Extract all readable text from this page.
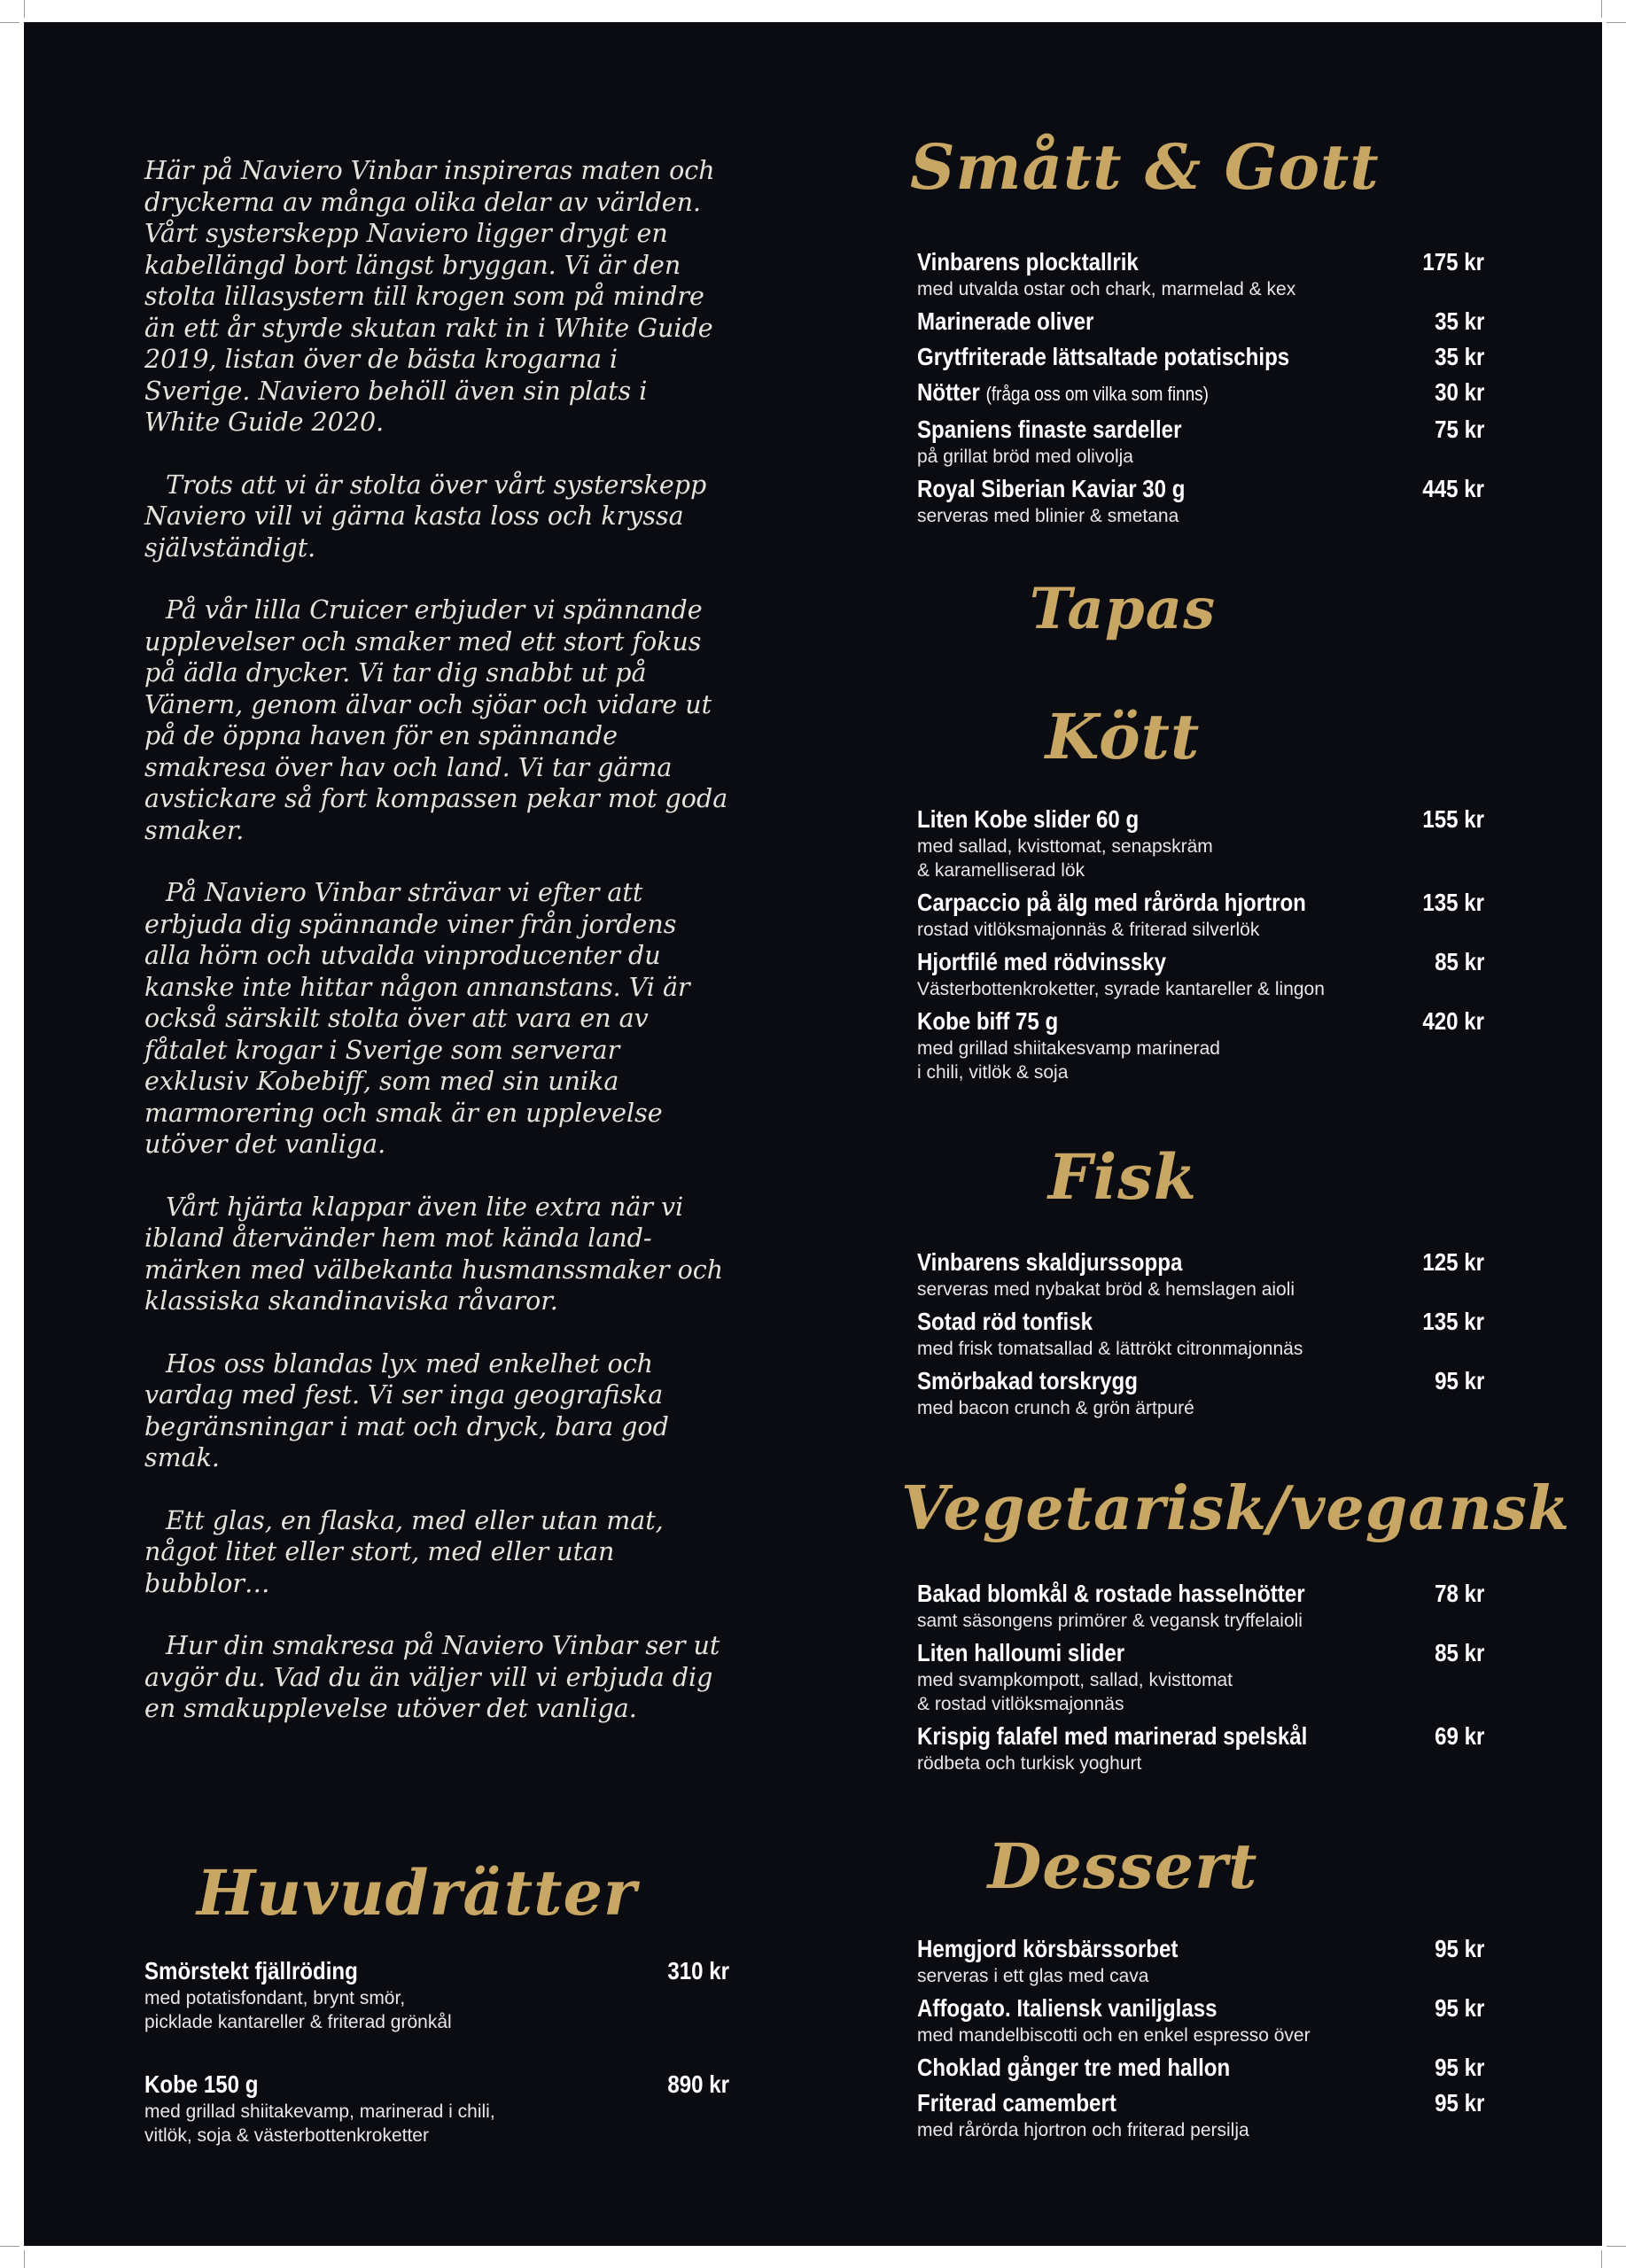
Här på Naviero Vinbar inspireras maten och dryckerna av många olika delar av världen. Vårt systerskepp Naviero ligger drygt en kabellängd bort längst bryggan. Vi är den stolta lillasystern till krogen som på mindre än ett år styrde skutan rakt in i White Guide 2019, listan över de bästa krogarna i Sverige. Naviero behöll även sin plats i White Guide 2020.

Trots att vi är stolta över vårt systerskepp Naviero vill vi gärna kasta loss och kryssa självständigt.

På vår lilla Cruicer erbjuder vi spännande upplevelser och smaker med ett stort fokus på ädla drycker. Vi tar dig snabbt ut på Vänern, genom älvar och sjöar och vidare ut på de öppna haven för en spännande smakresa över hav och land. Vi tar gärna avstickare så fort kompassen pekar mot goda smaker.

På Naviero Vinbar strävar vi efter att erbjuda dig spännande viner från jordens alla hörn och utvalda vinproducenter du kanske inte hittar någon annanstans. Vi är också särskilt stolta över att vara en av fåtalet krogar i Sverige som serverar exklusiv Kobebiff, som med sin unika marmorering och smak är en upplevelse utöver det vanliga.

Vårt hjärta klappar även lite extra när vi ibland återvänder hem mot kända land-märken med välbekanta husmanssmaker och klassiska skandinaviska råvaror.

Hos oss blandas lyx med enkelhet och vardag med fest. Vi ser inga geografiska begränsningar i mat och dryck, bara god smak.

Ett glas, en flaska, med eller utan mat, något litet eller stort, med eller utan bubblor…

Hur din smakresa på Naviero Vinbar ser ut avgör du. Vad du än väljer vill vi erbjuda dig en smakupplevelse utöver det vanliga.

Smått & Gott
Tapas
Kött
Fisk
Vegetarisk/vegansk
Dessert
Huvudrätter
Vinbarens plocktallrik	175 kr
med utvalda ostar och chark, marmelad & kex
Marinerade oliver	35 kr
Grytfriterade lättsaltade potatischips	35 kr
Nötter (fråga oss om vilka som finns)	30 kr
Spaniens finaste sardeller	75 kr
på grillat bröd med olivolja
Royal Siberian Kaviar 30 g	445 kr
serveras med blinier & smetana
Liten Kobe slider 60 g	155 kr
med sallad, kvisttomat, senapskräm
& karamelliserad lök
Carpaccio på älg med rårörda hjortron	135 kr
rostad vitlöksmajonnäs & friterad silverlök
Hjortfilé med rödvinssky	85 kr
Västerbottenkroketter, syrade kantareller & lingon
Kobe biff 75 g	420 kr
med grillad shiitakesvamp marinerad
i chili, vitlök & soja
Vinbarens skaldjurssoppa	125 kr
serveras med nybakat bröd & hemslagen aioli
Sotad röd tonfisk	135 kr
med frisk tomatsallad & lättrökt citronmajonnäs
Smörbakad torskrygg	95 kr
med bacon crunch & grön ärtpuré
Bakad blomkål & rostade hasselnötter	78 kr
samt säsongens primörer & vegansk tryffelaioli
Liten halloumi slider	85 kr
med svampkompott, sallad, kvisttomat
& rostad vitlöksmajonnäs
Krispig falafel med marinerad spelskål	69 kr
rödbeta och turkisk yoghurt
Hemgjord körsbärssorbet	95 kr
serveras i ett glas med cava
Affogato. Italiensk vaniljglass	95 kr
med mandelbiscotti och en enkel espresso över
Choklad gånger tre med hallon	95 kr
Friterad camembert	95 kr
med rårörda hjortron och friterad persilja
Smörstekt fjällröding	310 kr
med potatisfondant, brynt smör,
picklade kantareller & friterad grönkål
Kobe 150 g	890 kr
med grillad shiitakevamp, marinerad i chili,
vitlök, soja & västerbottenkroketter
